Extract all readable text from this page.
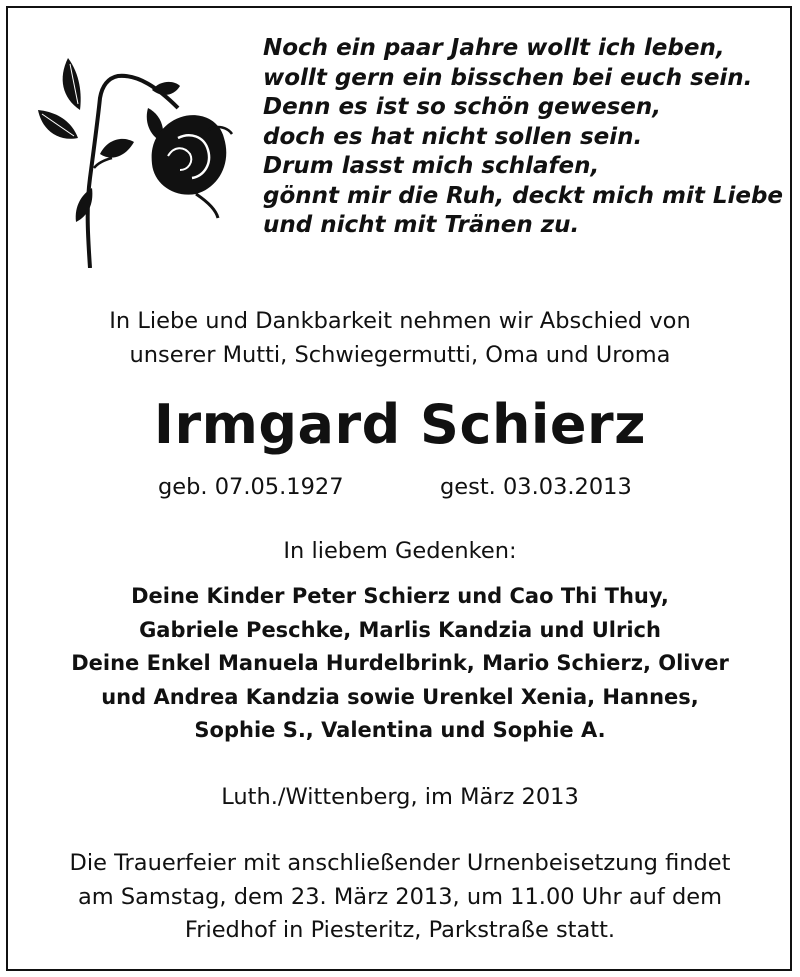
Noch ein paar Jahre wollt ich leben,
wollt gern ein bisschen bei euch sein.
Denn es ist so schön gewesen,
doch es hat nicht sollen sein.
Drum lasst mich schlafen,
gönnt mir die Ruh, deckt mich mit Liebe
und nicht mit Tränen zu.
In Liebe und Dankbarkeit nehmen wir Abschied von
unserer Mutti, Schwiegermutti, Oma und Uroma
Irmgard Schierz
geb. 07.05.1927	gest. 03.03.2013
In liebem Gedenken:
Deine Kinder Peter Schierz und Cao Thi Thuy,
Gabriele Peschke, Marlis Kandzia und Ulrich
Deine Enkel Manuela Hurdelbrink, Mario Schierz, Oliver
und Andrea Kandzia sowie Urenkel Xenia, Hannes,
Sophie S., Valentina und Sophie A.
Luth./Wittenberg, im März 2013
Die Trauerfeier mit anschließender Urnenbeisetzung findet
am Samstag, dem 23. März 2013, um 11.00 Uhr auf dem
Friedhof in Piesteritz, Parkstraße statt.
